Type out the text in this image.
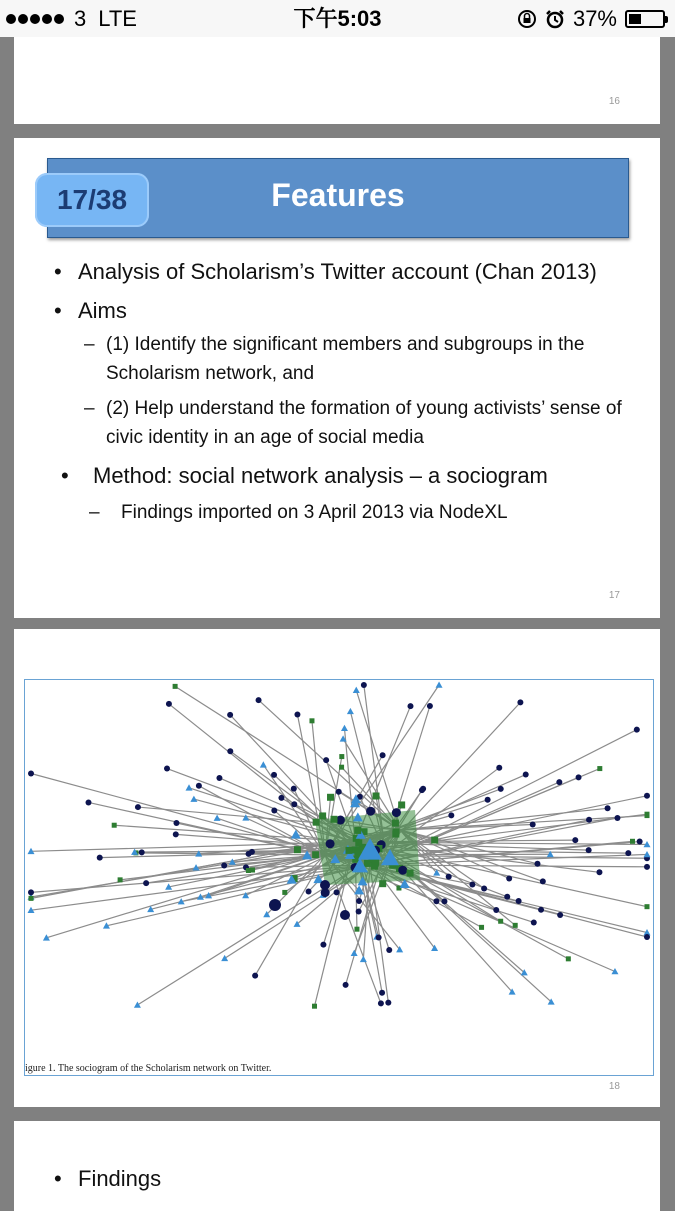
3 LTE	下午5:03	37%
16
Features
17/38
• Analysis of Scholarism’s Twitter account (Chan 2013)
• Aims
– (1) Identify the significant members and subgroups in the Scholarism network, and
– (2) Help understand the formation of young activists’ sense of civic identity in an age of social media
• Method: social network analysis – a sociogram
– Findings imported on 3 April 2013 via NodeXL
17
igure 1. The sociogram of the Scholarism network on Twitter.
18
• Findings
